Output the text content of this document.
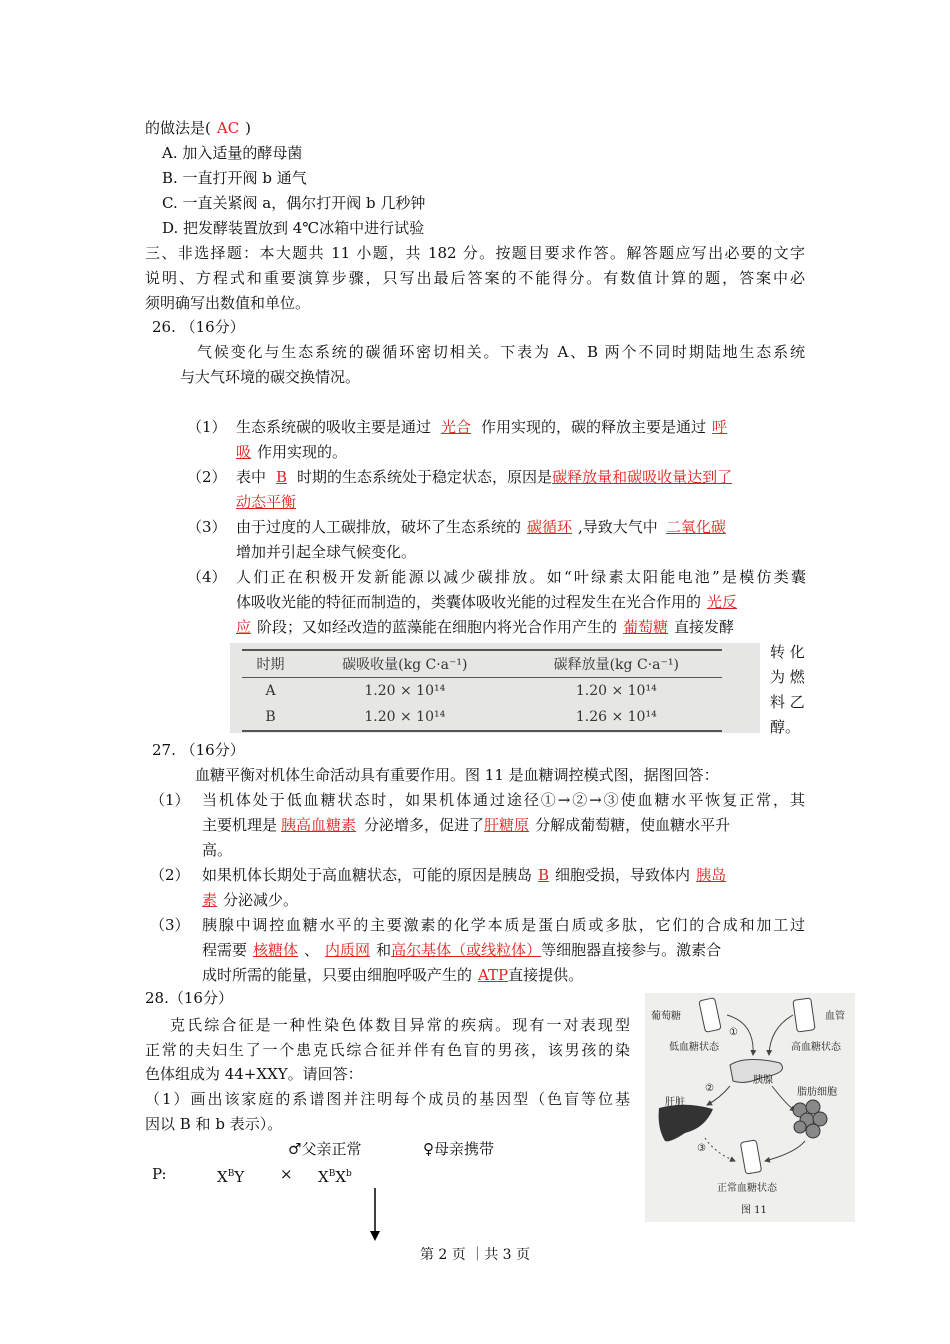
的做法是( AC )
A. 加入适量的酵母菌
B. 一直打开阀 b 通气
C. 一直关紧阀 a，偶尔打开阀 b 几秒钟
D. 把发酵装置放到 4℃冰箱中进行试验
三、非选择题：本大题共 11 小题，共 182 分。按题目要求作答。解答题应写出必要的文字
说明、方程式和重要演算步骤，只写出最后答案的不能得分。有数值计算的题，答案中必
须明确写出数值和单位。
26. （16分）
气候变化与生态系统的碳循环密切相关。下表为 A、B 两个不同时期陆地生态系统
与大气环境的碳交换情况。
（1） 生态系统碳的吸收主要是通过 光合 作用实现的，碳的释放主要是通过 呼
吸 作用实现的。
（2） 表中 B 时期的生态系统处于稳定状态，原因是碳释放量和碳吸收量达到了
动态平衡
（3） 由于过度的人工碳排放，破坏了生态系统的 碳循环 ,导致大气中 二氧化碳
增加并引起全球气候变化。
（4） 人们正在积极开发新能源以减少碳排放。如“叶绿素太阳能电池”是模仿类囊
体吸收光能的特征而制造的，类囊体吸收光能的过程发生在光合作用的 光反
应 阶段；又如经改造的蓝藻能在细胞内将光合作用产生的 葡萄糖 直接发酵
转 化
为 燃
料 乙
醇。
时期	碳吸收量(kg C·a⁻¹)	碳释放量(kg C·a⁻¹)
A	1.20 × 10¹⁴	1.20 × 10¹⁴
B	1.20 × 10¹⁴	1.26 × 10¹⁴
27. （16分）
血糖平衡对机体生命活动具有重要作用。图 11 是血糖调控模式图，据图回答：
（1） 当机体处于低血糖状态时，如果机体通过途径①→②→③使血糖水平恢复正常，其
主要机理是 胰高血糖素 分泌增多，促进了肝糖原 分解成葡萄糖，使血糖水平升
高。
（2） 如果机体长期处于高血糖状态，可能的原因是胰岛 B 细胞受损，导致体内 胰岛
素 分泌减少。
（3） 胰腺中调控血糖水平的主要激素的化学本质是蛋白质或多肽，它们的合成和加工过
程需要 核糖体 、 内质网 和高尔基体（或线粒体）等细胞器直接参与。激素合
成时所需的能量，只要由细胞呼吸产生的 ATP直接提供。
28.（16分）
克氏综合征是一种性染色体数目异常的疾病。现有一对表现型
正常的夫妇生了一个患克氏综合征并伴有色盲的男孩，该男孩的染
色体组成为 44+XXY。请回答：
（1）画出该家庭的系谱图并注明每个成员的基因型（色盲等位基
因以 B 和 b 表示）。
♂父亲正常	♀母亲携带
P:	$X^BY \times X^BX^b$
葡萄糖	血管
①
低血糖状态	高血糖状态
胰腺
②
肝脏
脂肪细胞
③
正常血糖状态
图 11
第 2 页 ｜共 3 页
